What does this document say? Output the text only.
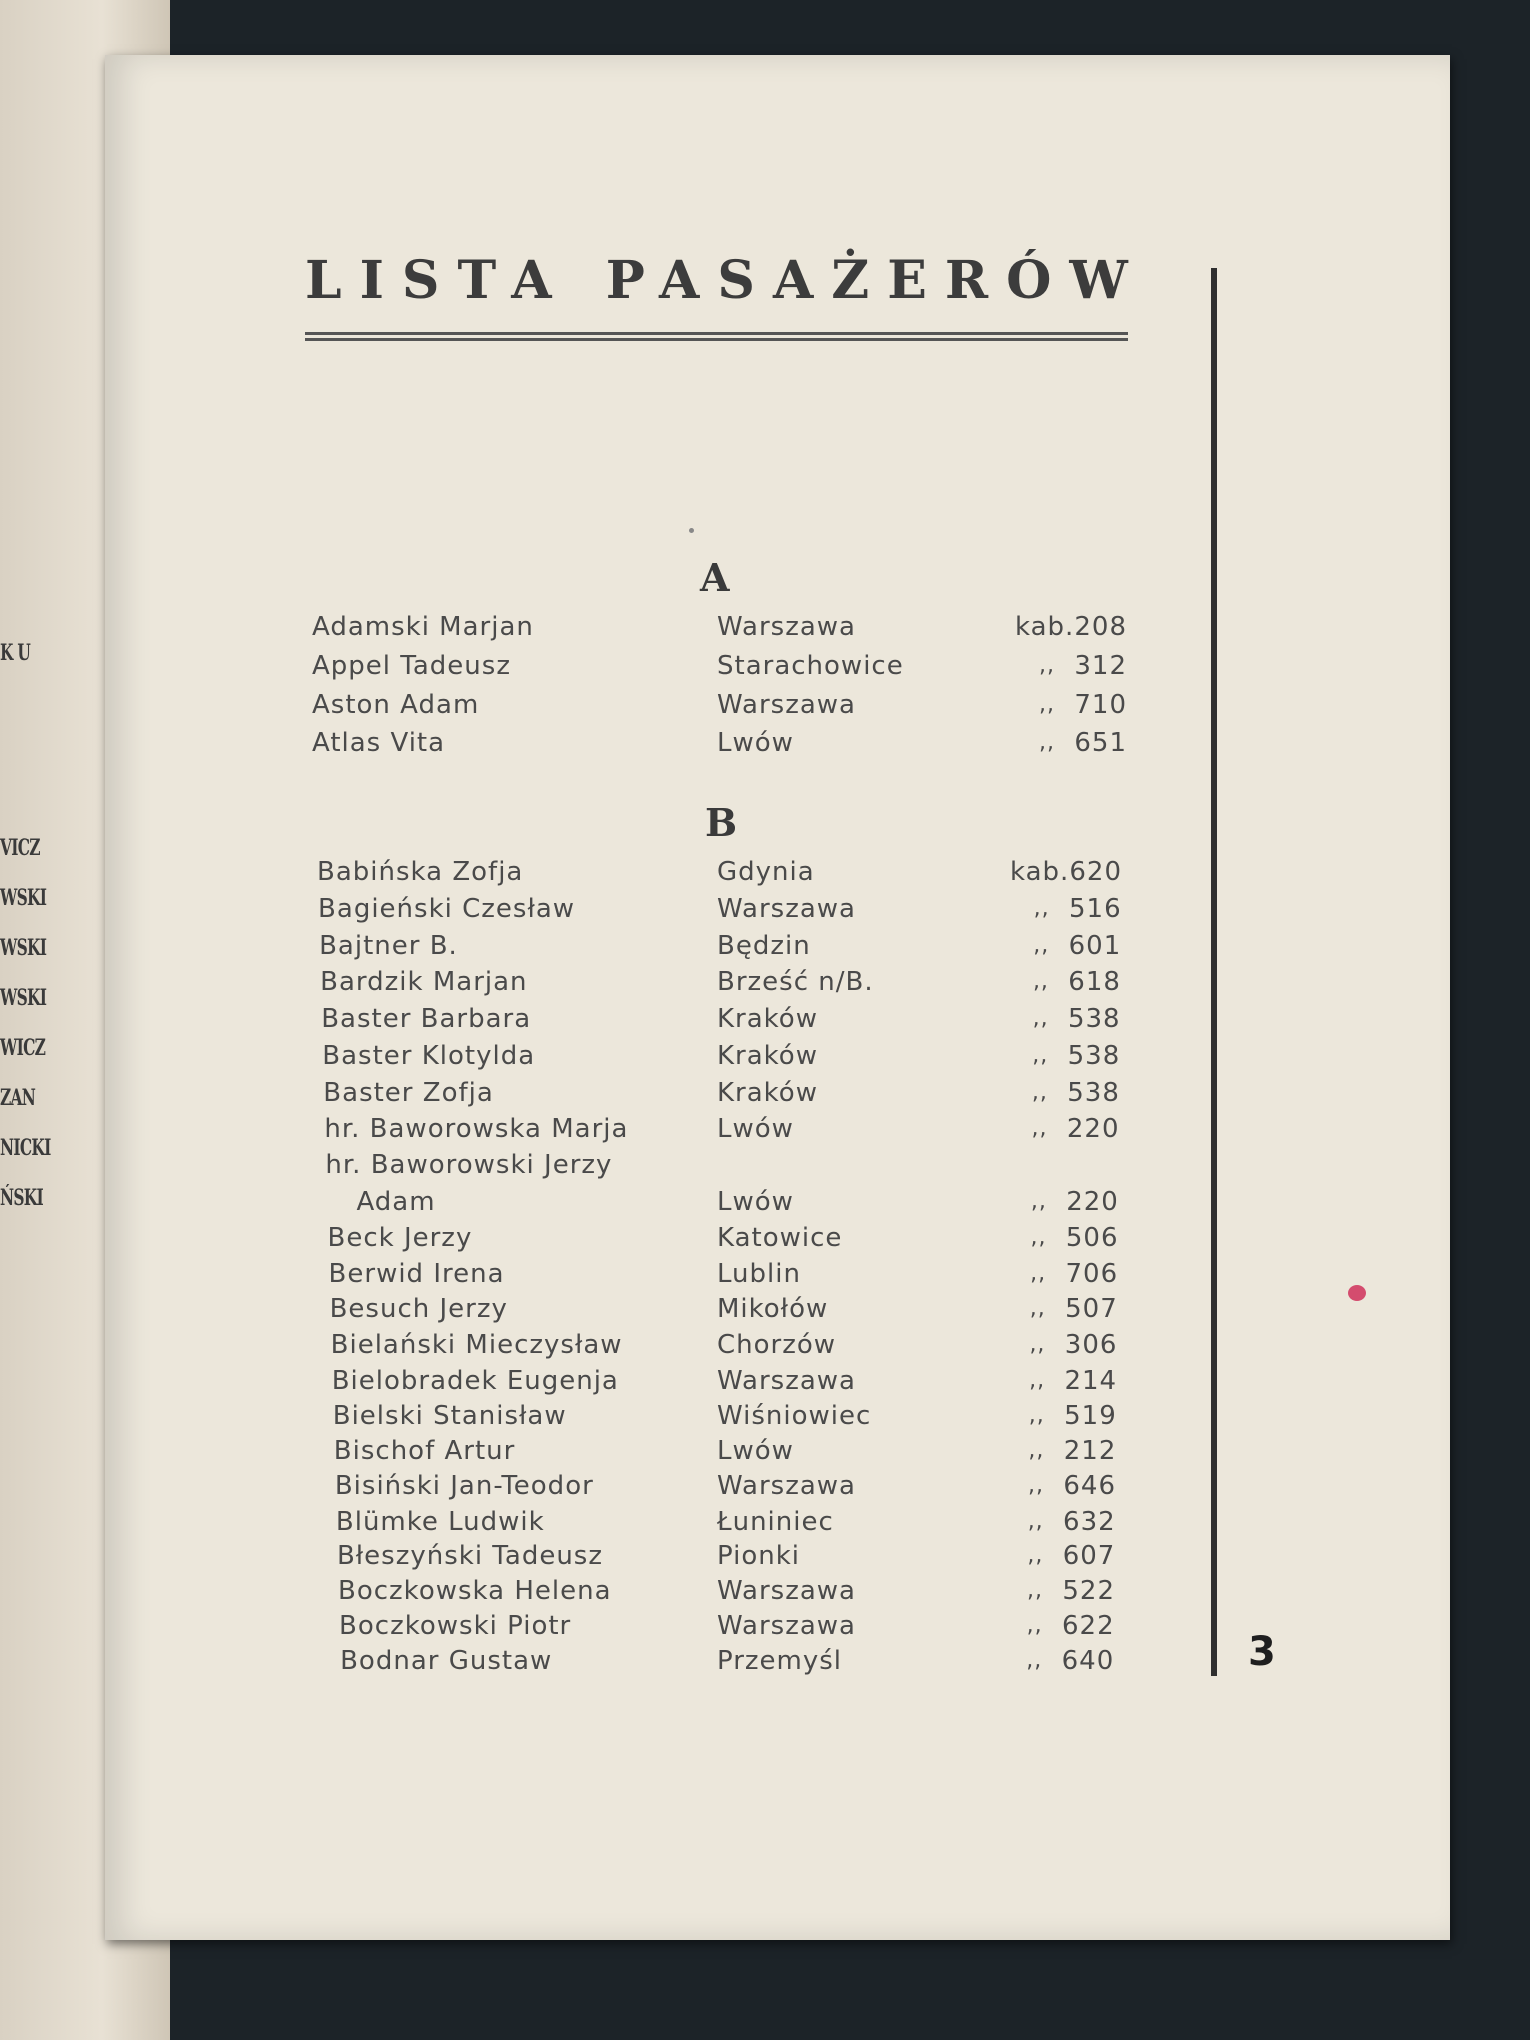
K U
VICZ
WSKI
WSKI
WSKI
WICZ
ZAN
NICKI
ŃSKI
LISTA PASAŻERÓW
A
Adamski Marjan	Warszawa	kab. 208
Appel Tadeusz	Starachowice	,, 312
Aston Adam	Warszawa	,, 710
Atlas Vita	Lwów	,, 651
B
Babińska Zofja	Gdynia	kab. 620
Bagieński Czesław	Warszawa	,, 516
Bajtner B.	Będzin	,, 601
Bardzik Marjan	Brześć n/B.	,, 618
Baster Barbara	Kraków	,, 538
Baster Klotylda	Kraków	,, 538
Baster Zofja	Kraków	,, 538
hr. Baworowska Marja	Lwów	,, 220
hr. Baworowski Jerzy
Adam	Lwów	,, 220
Beck Jerzy	Katowice	,, 506
Berwid Irena	Lublin	,, 706
Besuch Jerzy	Mikołów	,, 507
Bielański Mieczysław	Chorzów	,, 306
Bielobradek Eugenja	Warszawa	,, 214
Bielski Stanisław	Wiśniowiec	,, 519
Bischof Artur	Lwów	,, 212
Bisiński Jan-Teodor	Warszawa	,, 646
Blümke Ludwik	Łuniniec	,, 632
Błeszyński Tadeusz	Pionki	,, 607
Boczkowska Helena	Warszawa	,, 522
Boczkowski Piotr	Warszawa	,, 622
Bodnar Gustaw	Przemyśl	,, 640	3
